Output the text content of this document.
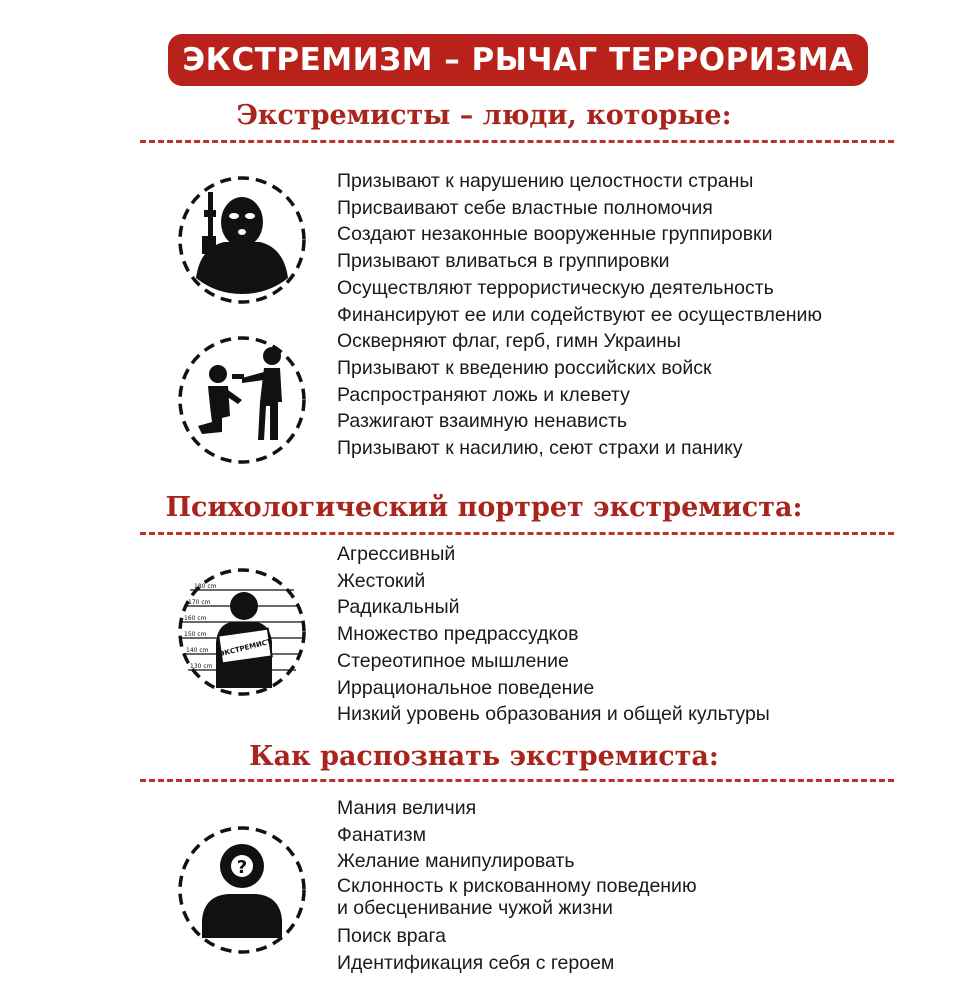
ЭКСТРЕМИЗМ – РЫЧАГ ТЕРРОРИЗМА
Экстремисты – люди, которые:
Призывают к нарушению целостности страны
Присваивают себе властные полномочия
Создают незаконные вооруженные группировки
Призывают вливаться в группировки
Осуществляют террористическую деятельность
Финансируют ее или содействуют ее осуществлению
Оскверняют флаг, герб, гимн Украины
Призывают к введению российских войск
Распространяют ложь и клевету
Разжигают взаимную ненависть
Призывают к насилию, сеют страхи и панику
Психологический портрет экстремиста:
Агрессивный
Жестокий
Радикальный
Множество предрассудков
Стереотипное мышление
Иррациональное поведение
Низкий уровень образования и общей культуры
180 cm
170 cm
160 cm
150 cm
140 cm
130 cm
ЭКСТРЕМИСТ
Как распознать экстремиста:
Мания величия
Фанатизм
Желание манипулировать
Склонность к рискованному поведению
и обесценивание чужой жизни
Поиск врага
Идентификация себя с героем
?
